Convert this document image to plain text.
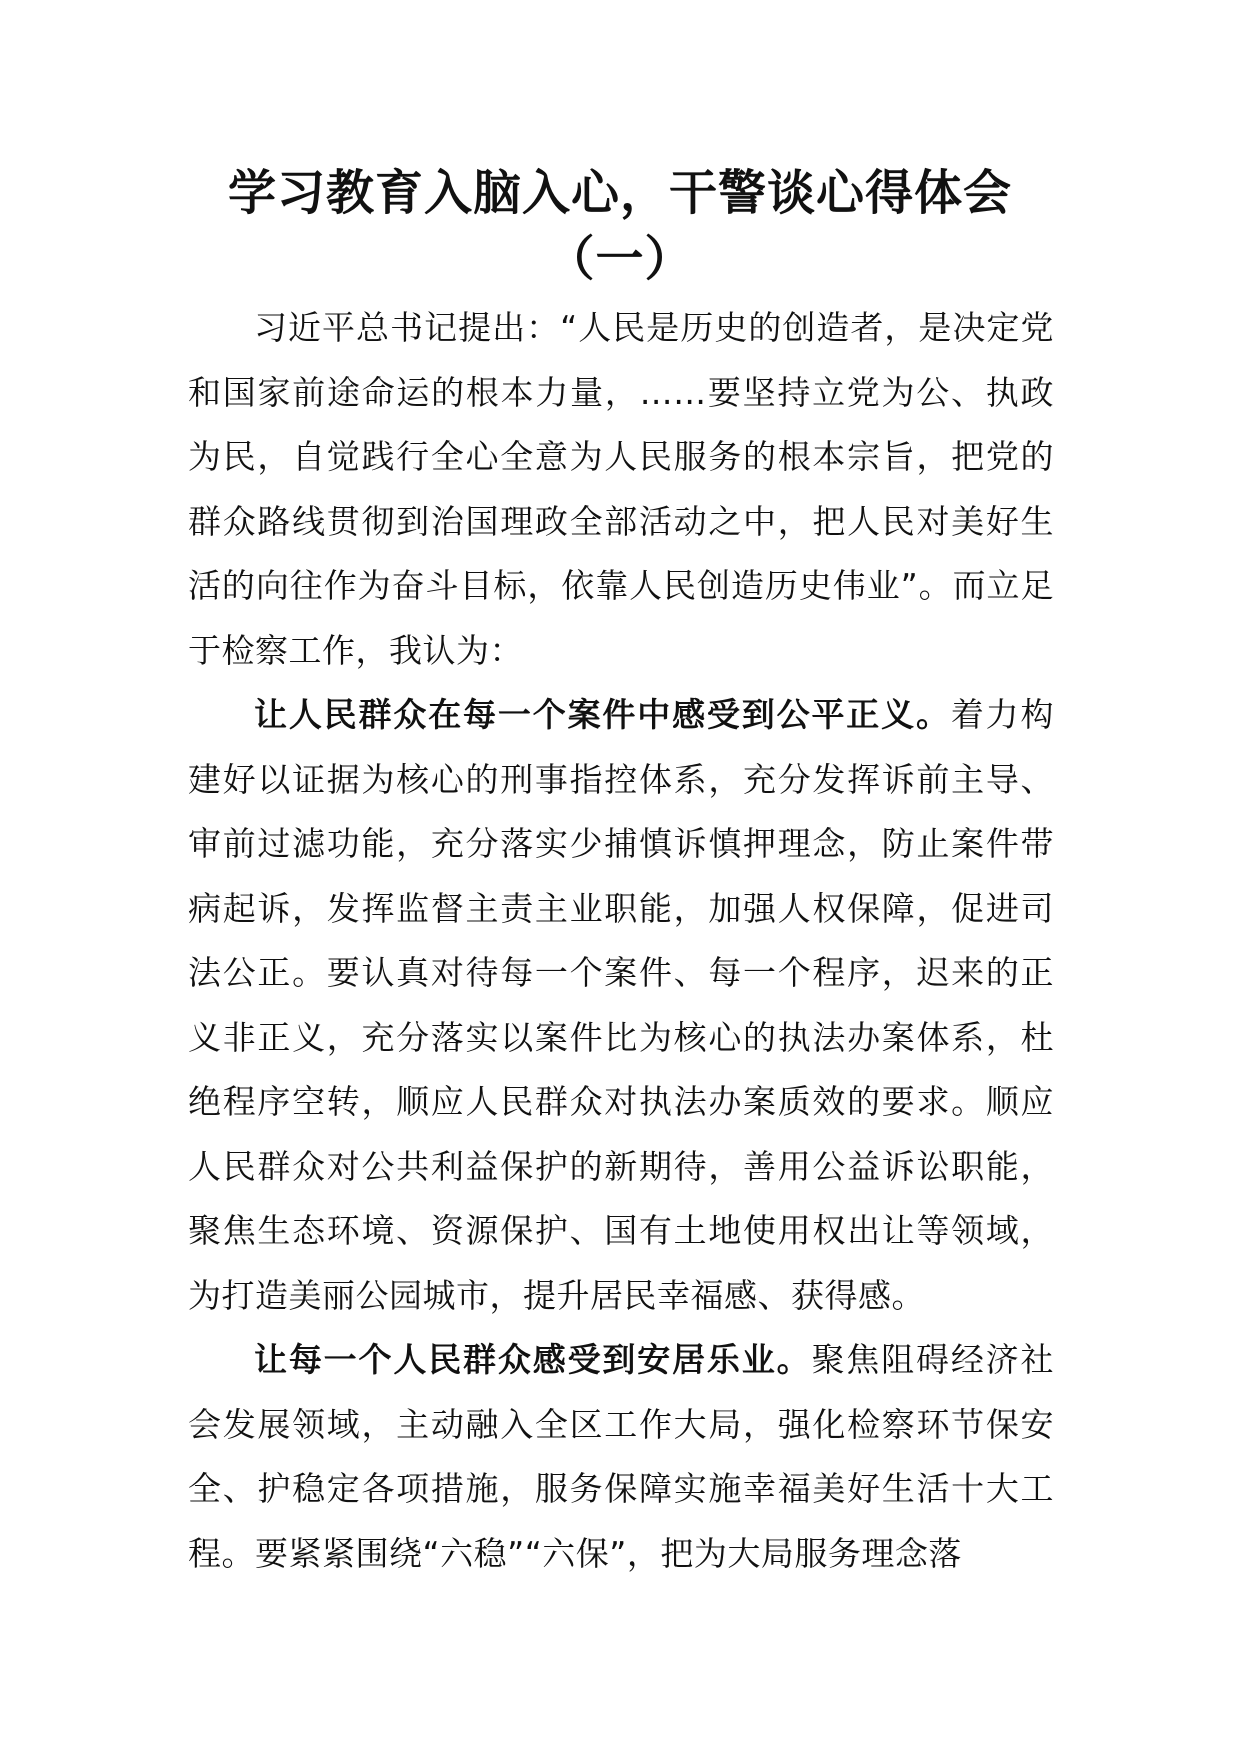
学习教育入脑入心，干警谈心得体会
（一）

习近平总书记提出：“人民是历史的创造者，是决定党和国家前途命运的根本力量，……要坚持立党为公、执政为民，自觉践行全心全意为人民服务的根本宗旨，把党的群众路线贯彻到治国理政全部活动之中，把人民对美好生活的向往作为奋斗目标，依靠人民创造历史伟业”。而立足于检察工作，我认为：

让人民群众在每一个案件中感受到公平正义。着力构建好以证据为核心的刑事指控体系，充分发挥诉前主导、审前过滤功能，充分落实少捕慎诉慎押理念，防止案件带病起诉，发挥监督主责主业职能，加强人权保障，促进司法公正。要认真对待每一个案件、每一个程序，迟来的正义非正义，充分落实以案件比为核心的执法办案体系，杜绝程序空转，顺应人民群众对执法办案质效的要求。顺应人民群众对公共利益保护的新期待，善用公益诉讼职能，聚焦生态环境、资源保护、国有土地使用权出让等领域，为打造美丽公园城市，提升居民幸福感、获得感。

让每一个人民群众感受到安居乐业。聚焦阻碍经济社会发展领域，主动融入全区工作大局，强化检察环节保安全、护稳定各项措施，服务保障实施幸福美好生活十大工程。要紧紧围绕“六稳”“六保”，把为大局服务理念落
